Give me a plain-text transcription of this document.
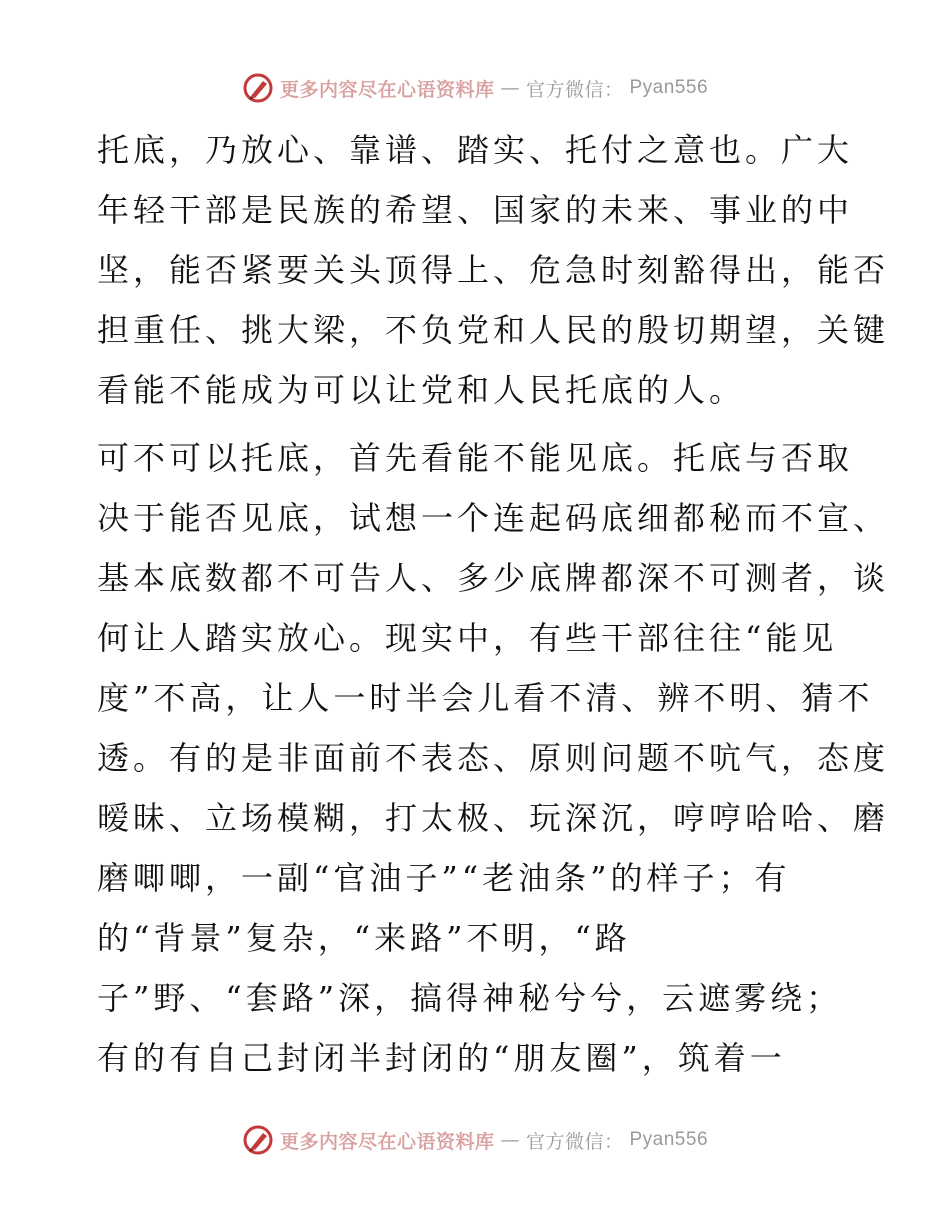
更多内容尽在心语资料库 — 官方微信： Pyan556
托底，乃放心、靠谱、踏实、托付之意也。广大
年轻干部是民族的希望、国家的未来、事业的中
坚，能否紧要关头顶得上、危急时刻豁得出，能否
担重任、挑大梁，不负党和人民的殷切期望，关键
看能不能成为可以让党和人民托底的人。
可不可以托底，首先看能不能见底。托底与否取
决于能否见底，试想一个连起码底细都秘而不宣、
基本底数都不可告人、多少底牌都深不可测者，谈
何让人踏实放心。现实中，有些干部往往“能见
度”不高，让人一时半会儿看不清、辨不明、猜不
透。有的是非面前不表态、原则问题不吭气，态度
暧昧、立场模糊，打太极、玩深沉，哼哼哈哈、磨
磨唧唧，一副“官油子”“老油条”的样子；有
的“背景”复杂，“来路”不明，“路
子”野、“套路”深，搞得神秘兮兮，云遮雾绕；
有的有自己封闭半封闭的“朋友圈”，筑着一
更多内容尽在心语资料库 — 官方微信： Pyan556
